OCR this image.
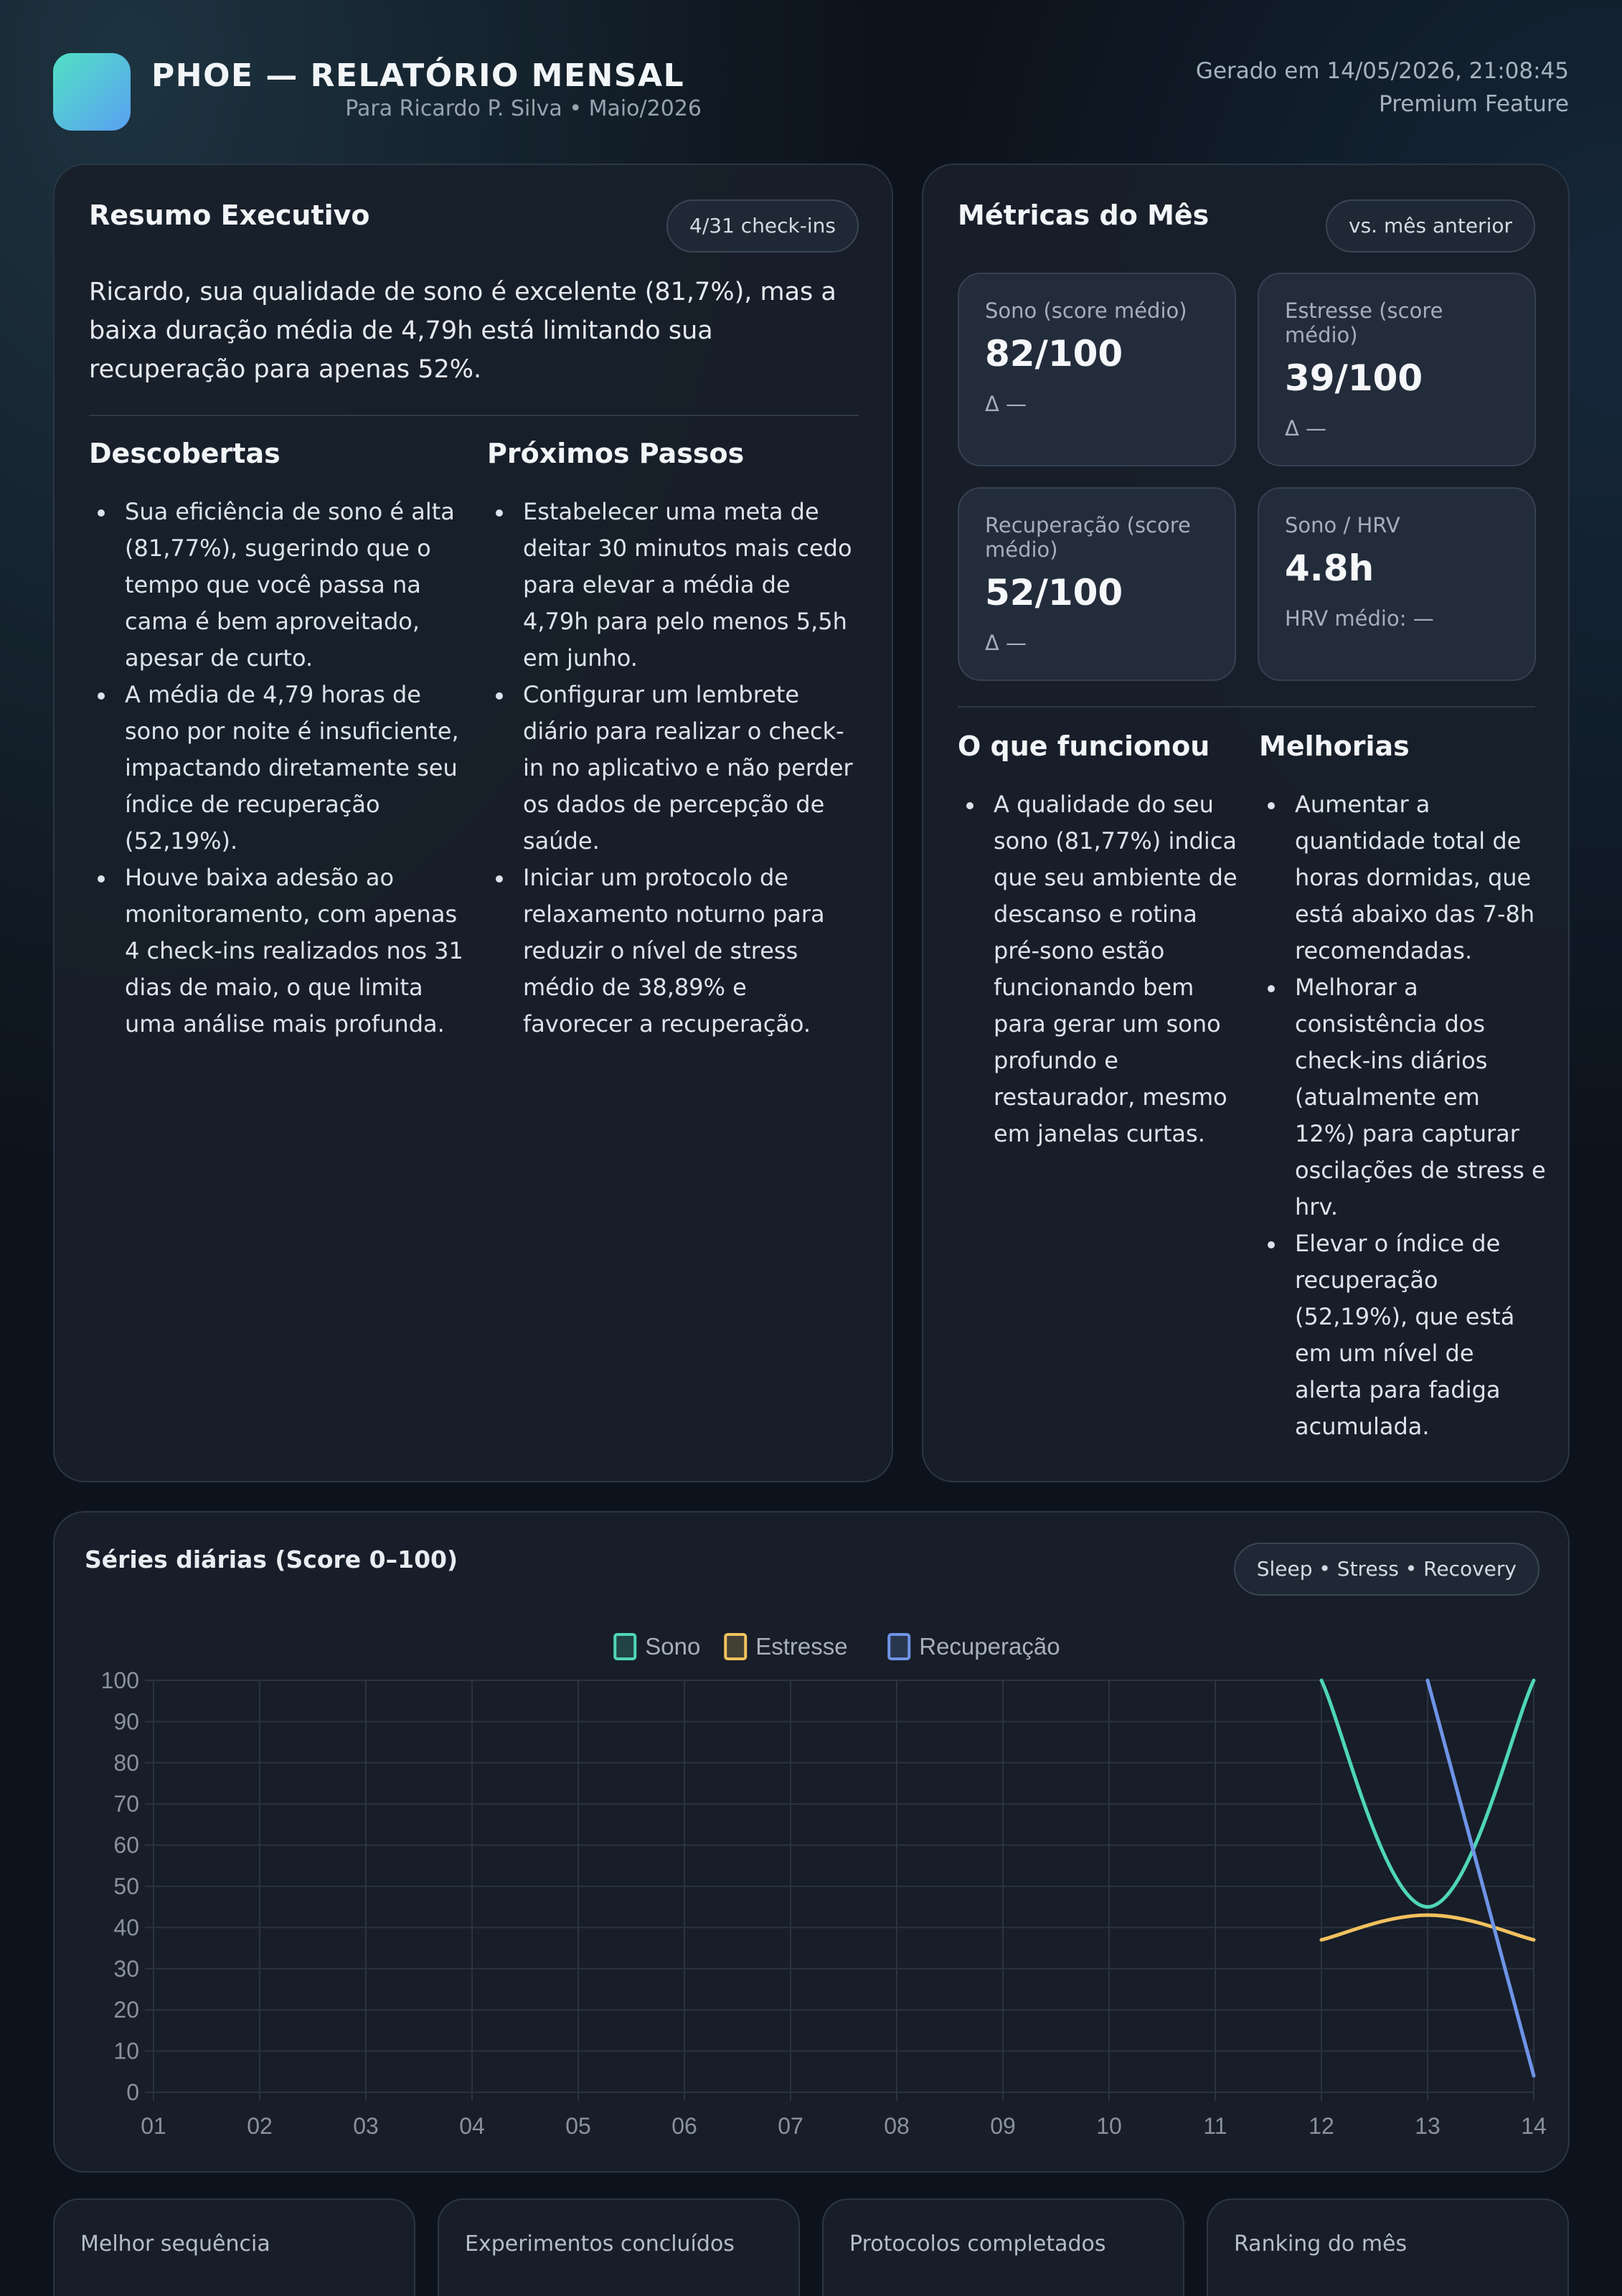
PHOE — RELATÓRIO MENSAL
Para Ricardo P. Silva • Maio/2026
Gerado em 14/05/2026, 21:08:45
Premium Feature
Resumo Executivo	4/31 check-ins
Ricardo, sua qualidade de sono é excelente (81,7%), mas a baixa duração média de 4,79h está limitando sua recuperação para apenas 52%.
Descobertas
Sua eficiência de sono é alta (81,77%), sugerindo que o tempo que você passa na cama é bem aproveitado, apesar de curto.
A média de 4,79 horas de sono por noite é insuficiente, impactando diretamente seu índice de recuperação (52,19%).
Houve baixa adesão ao monitoramento, com apenas 4 check-ins realizados nos 31 dias de maio, o que limita uma análise mais profunda.
Próximos Passos
Estabelecer uma meta de deitar 30 minutos mais cedo para elevar a média de 4,79h para pelo menos 5,5h em junho.
Configurar um lembrete diário para realizar o check-in no aplicativo e não perder os dados de percepção de saúde.
Iniciar um protocolo de relaxamento noturno para reduzir o nível de stress médio de 38,89% e favorecer a recuperação.
Métricas do Mês	vs. mês anterior
Sono (score médio)
82/100
Δ —
Estresse (score médio)
39/100
Δ —
Recuperação (score médio)
52/100
Δ —
Sono / HRV
4.8h
HRV médio: —
O que funcionou
A qualidade do seu sono (81,77%) indica que seu ambiente de descanso e rotina pré-sono estão funcionando bem para gerar um sono profundo e restaurador, mesmo em janelas curtas.
Melhorias
Aumentar a quantidade total de horas dormidas, que está abaixo das 7-8h recomendadas.
Melhorar a consistência dos check-ins diários (atualmente em 12%) para capturar oscilações de stress e hrv.
Elevar o índice de recuperação (52,19%), que está em um nível de alerta para fadiga acumulada.
Séries diárias (Score 0–100)	Sleep • Stress • Recovery
0
10
20
30
40
50
60
70
80
90
100
01	02	03	04	05	06	07	08	09	10	11	12	13	14
Sono Estresse	Recuperação
Melhor sequência	Experimentos concluídos	Protocolos completados	Ranking do mês
